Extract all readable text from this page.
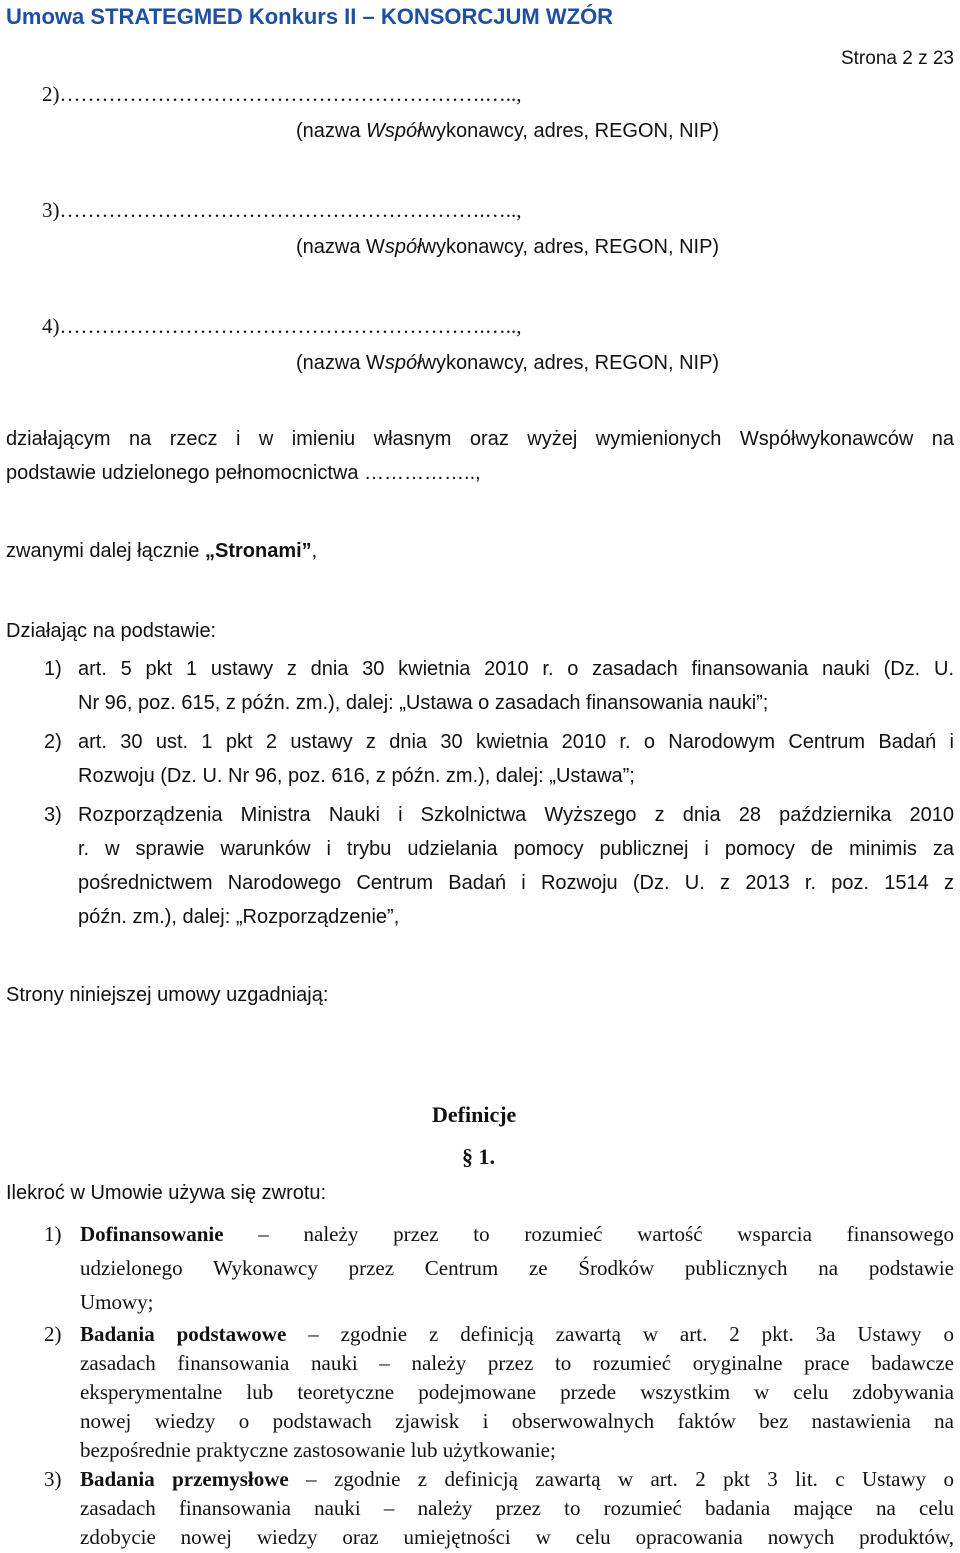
Umowa STRATEGMED Konkurs II – KONSORCJUM WZÓR
Strona 2 z 23
2)…………………………………………………….…..,
(nazwa Współwykonawcy, adres, REGON, NIP)
3)…………………………………………………….…..,
(nazwa Współwykonawcy, adres, REGON, NIP)
4)…………………………………………………….…..,
(nazwa Współwykonawcy, adres, REGON, NIP)
działającym na rzecz i w imieniu własnym oraz wyżej wymienionych Współwykonawców na
podstawie udzielonego pełnomocnictwa ……………..,
zwanymi dalej łącznie „Stronami”,
Działając na podstawie:
1) art. 5 pkt 1 ustawy z dnia 30 kwietnia 2010 r. o zasadach finansowania nauki (Dz. U.
Nr 96, poz. 615, z późn. zm.), dalej: „Ustawa o zasadach finansowania nauki”;
2) art. 30 ust. 1 pkt 2 ustawy z dnia 30 kwietnia 2010 r. o Narodowym Centrum Badań i
Rozwoju (Dz. U. Nr 96, poz. 616, z późn. zm.), dalej: „Ustawa”;
3) Rozporządzenia Ministra Nauki i Szkolnictwa Wyższego z dnia 28 października 2010
r. w sprawie warunków i trybu udzielania pomocy publicznej i pomocy de minimis za
pośrednictwem Narodowego Centrum Badań i Rozwoju (Dz. U. z 2013 r. poz. 1514 z
późn. zm.), dalej: „Rozporządzenie”,
Strony niniejszej umowy uzgadniają:
Definicje
§ 1.
Ilekroć w Umowie używa się zwrotu:
1) Dofinansowanie – należy przez to rozumieć wartość wsparcia finansowego
udzielonego Wykonawcy przez Centrum ze Środków publicznych na podstawie
Umowy;
2) Badania podstawowe – zgodnie z definicją zawartą w art. 2 pkt. 3a Ustawy o
zasadach finansowania nauki – należy przez to rozumieć oryginalne prace badawcze
eksperymentalne lub teoretyczne podejmowane przede wszystkim w celu zdobywania
nowej wiedzy o podstawach zjawisk i obserwowalnych faktów bez nastawienia na
bezpośrednie praktyczne zastosowanie lub użytkowanie;
3) Badania przemysłowe – zgodnie z definicją zawartą w art. 2 pkt 3 lit. c Ustawy o
zasadach finansowania nauki – należy przez to rozumieć badania mające na celu
zdobycie nowej wiedzy oraz umiejętności w celu opracowania nowych produktów,
